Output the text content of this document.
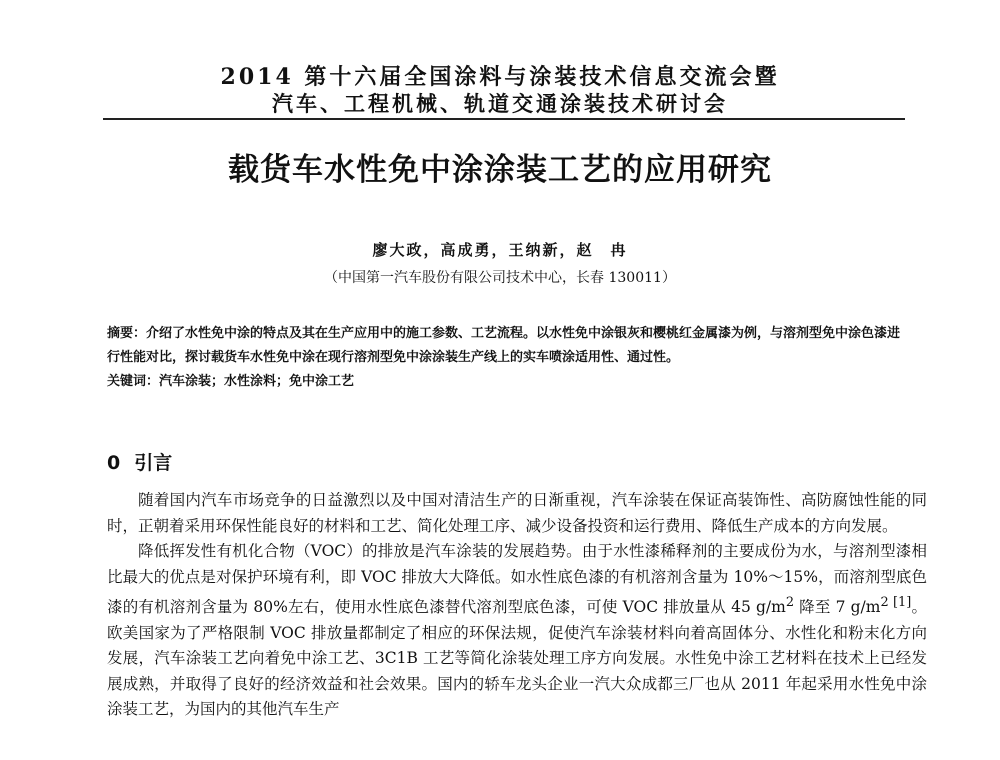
2014 第十六届全国涂料与涂装技术信息交流会暨
汽车、工程机械、轨道交通涂装技术研讨会
载货车水性免中涂涂装工艺的应用研究
廖大政，高成勇，王纳新，赵　冉
（中国第一汽车股份有限公司技术中心，长春 130011）

摘要：介绍了水性免中涂的特点及其在生产应用中的施工参数、工艺流程。以水性免中涂银灰和樱桃红金属漆为例，与溶剂型免中涂色漆进行性能对比，探讨载货车水性免中涂在现行溶剂型免中涂涂装生产线上的实车喷涂适用性、通过性。

关键词：汽车涂装；水性涂料；免中涂工艺

0 引言

随着国内汽车市场竞争的日益激烈以及中国对清洁生产的日渐重视，汽车涂装在保证高装饰性、高防腐蚀性能的同时，正朝着采用环保性能良好的材料和工艺、简化处理工序、减少设备投资和运行费用、降低生产成本的方向发展。

降低挥发性有机化合物（VOC）的排放是汽车涂装的发展趋势。由于水性漆稀释剂的主要成份为水，与溶剂型漆相比最大的优点是对保护环境有利，即 VOC 排放大大降低。如水性底色漆的有机溶剂含量为 10%～15%，而溶剂型底色漆的有机溶剂含量为 80%左右，使用水性底色漆替代溶剂型底色漆，可使 VOC 排放量从 45 $g/m^2$ 降至 7 $g/m^{2 [1]}$。欧美国家为了严格限制 VOC 排放量都制定了相应的环保法规，促使汽车涂装材料向着高固体分、水性化和粉末化方向发展，汽车涂装工艺向着免中涂工艺、3C1B 工艺等简化涂装处理工序方向发展。水性免中涂工艺材料在技术上已经发展成熟，并取得了良好的经济效益和社会效果。国内的轿车龙头企业一汽大众成都三厂也从 2011 年起采用水性免中涂涂装工艺，为国内的其他汽车生产
